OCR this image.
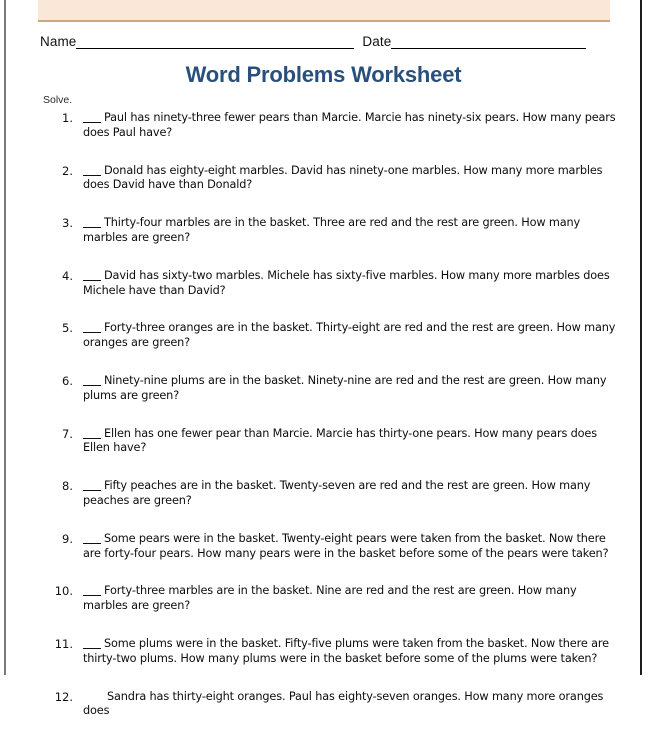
Name	Date
Word Problems Worksheet
Solve.
1.	Paul has ninety-three fewer pears than Marcie. Marcie has ninety-six pears. How many pears does Paul have?
2.	Donald has eighty-eight marbles. David has ninety-one marbles. How many more marbles does David have than Donald?
3.	Thirty-four marbles are in the basket. Three are red and the rest are green. How many marbles are green?
4.	David has sixty-two marbles. Michele has sixty-five marbles. How many more marbles does Michele have than David?
5.	Forty-three oranges are in the basket. Thirty-eight are red and the rest are green. How many oranges are green?
6.	Ninety-nine plums are in the basket. Ninety-nine are red and the rest are green. How many plums are green?
7.	Ellen has one fewer pear than Marcie. Marcie has thirty-one pears. How many pears does Ellen have?
8.	Fifty peaches are in the basket. Twenty-seven are red and the rest are green. How many peaches are green?
9.	Some pears were in the basket. Twenty-eight pears were taken from the basket. Now there are forty-four pears. How many pears were in the basket before some of the pears were taken?
10.	Forty-three marbles are in the basket. Nine are red and the rest are green. How many marbles are green?
11.	Some plums were in the basket. Fifty-five plums were taken from the basket. Now there are thirty-two plums. How many plums were in the basket before some of the plums were taken?
12.	Sandra has thirty-eight oranges. Paul has eighty-seven oranges. How many more oranges does
